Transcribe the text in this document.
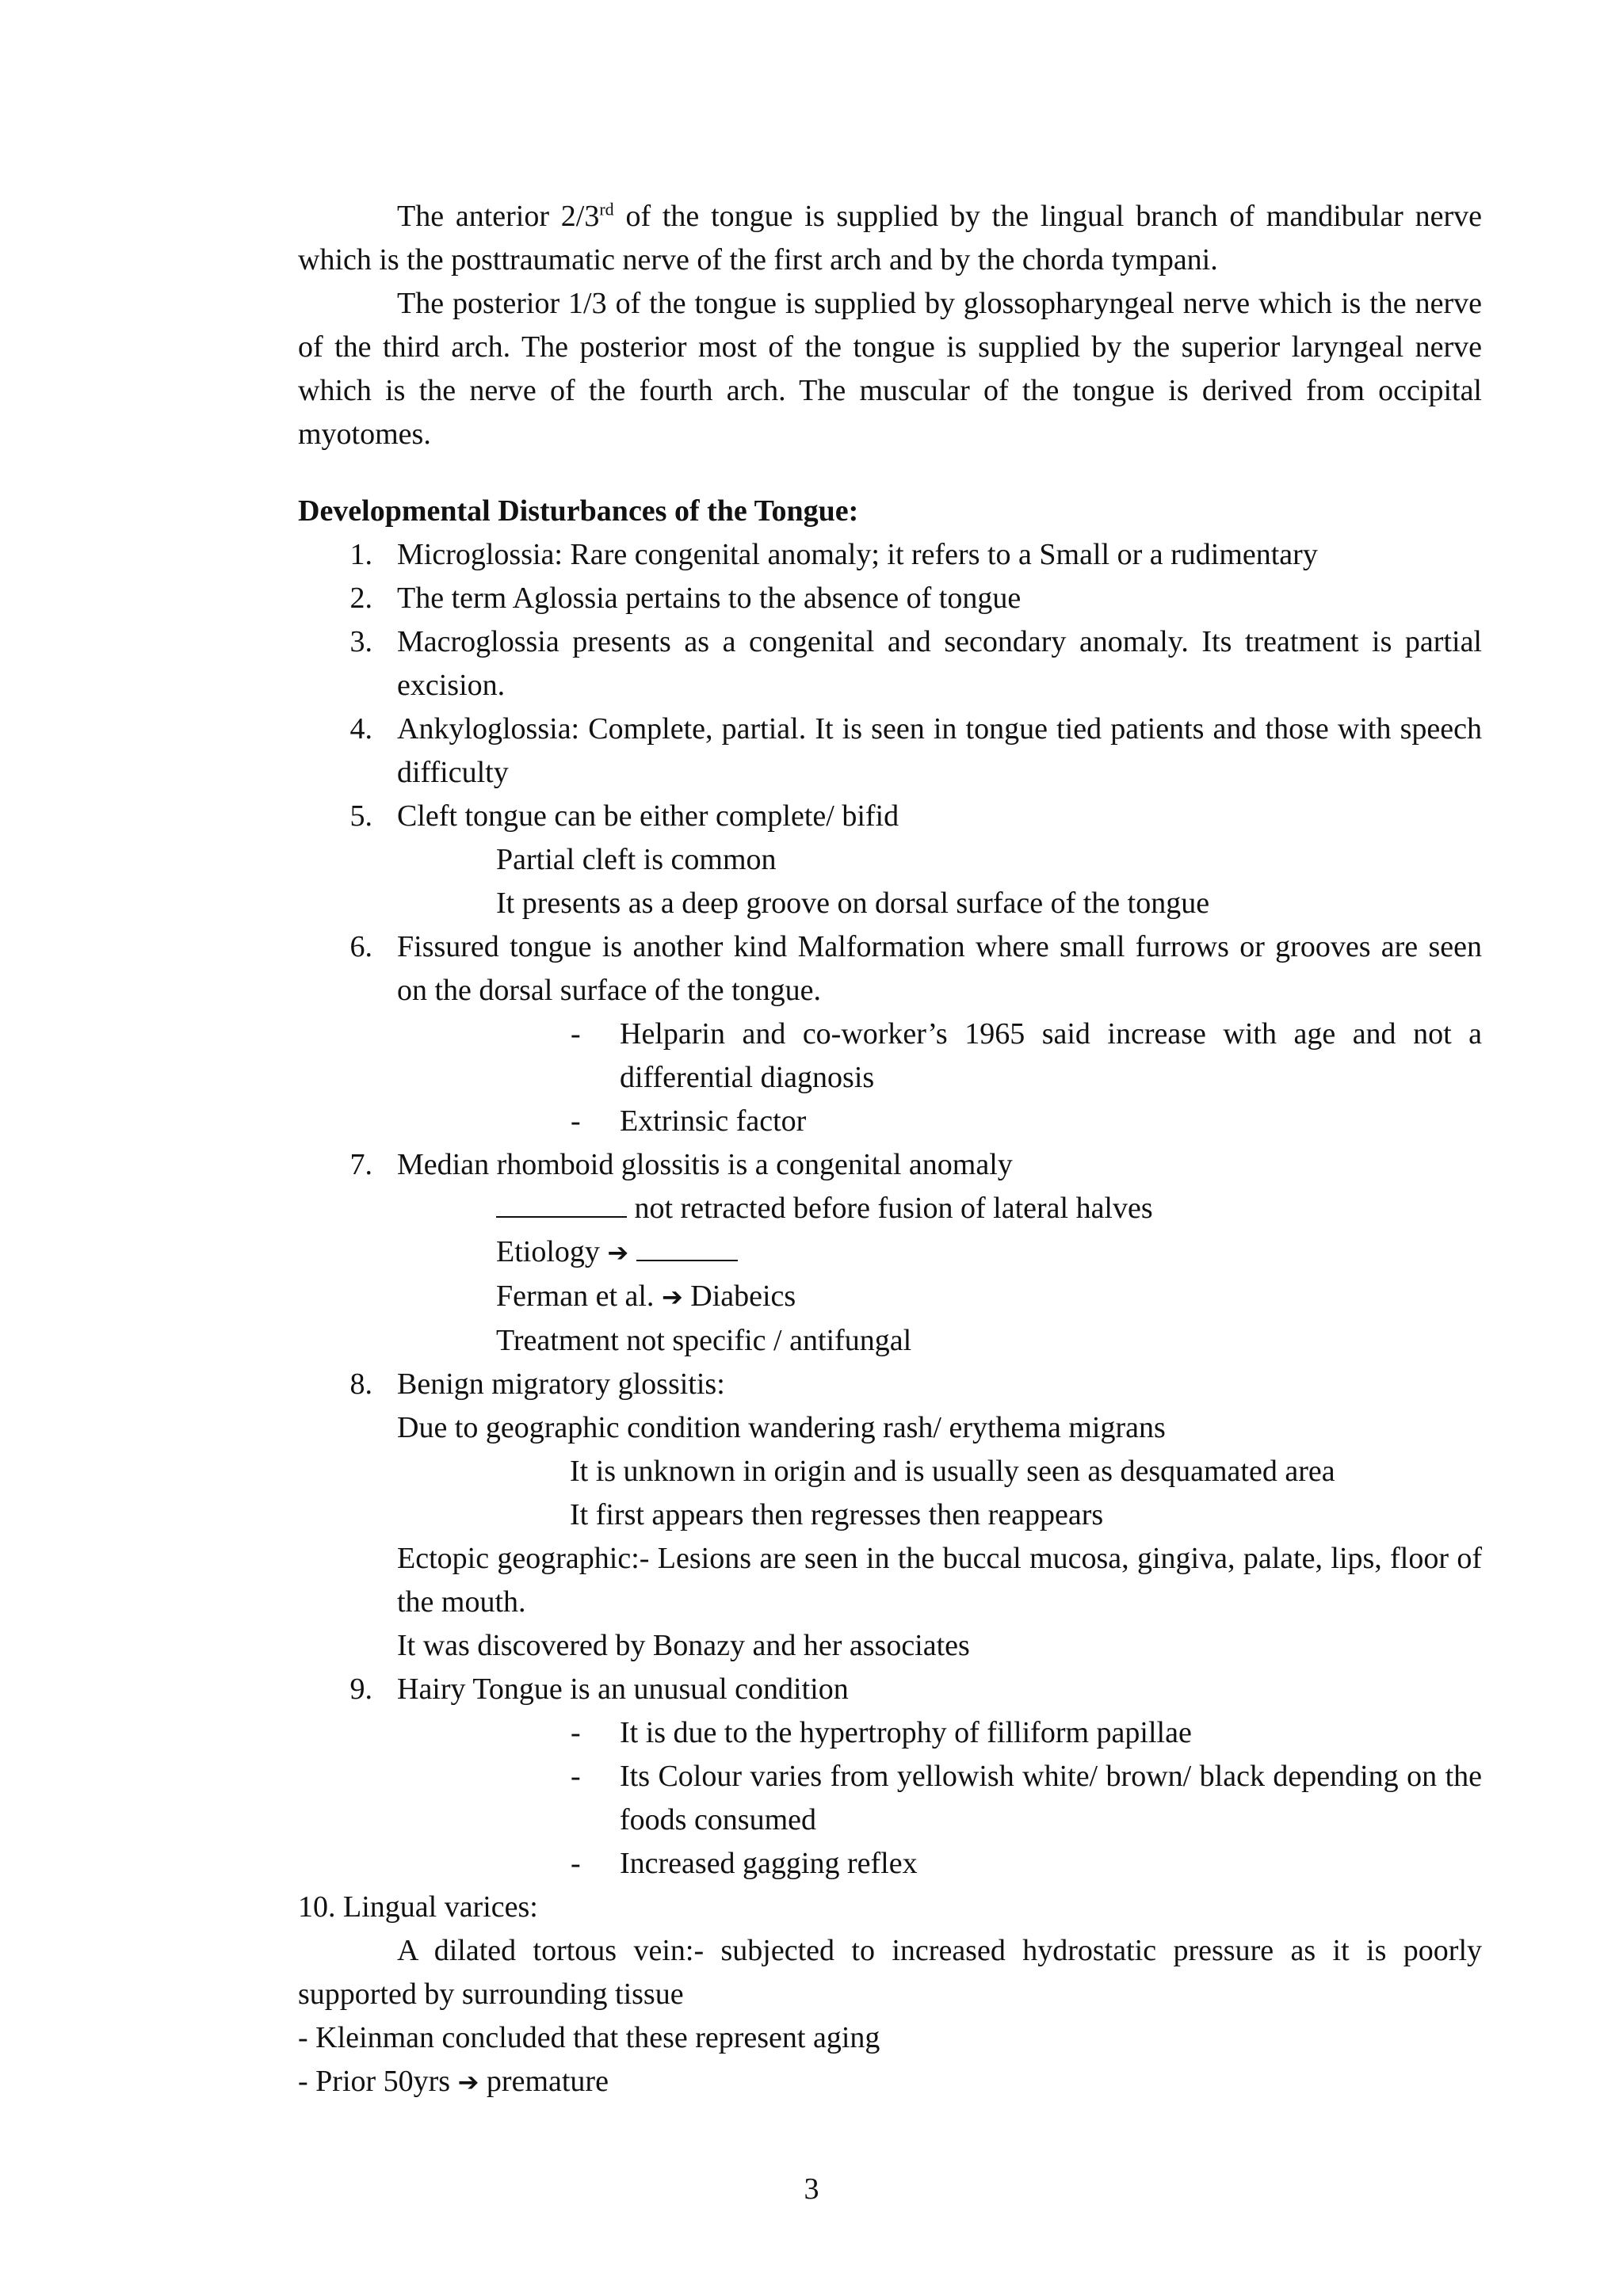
The anterior 2/3rd of the tongue is supplied by the lingual branch of mandibular nerve which is the posttraumatic nerve of the first arch and by the chorda tympani.

The posterior 1/3 of the tongue is supplied by glossopharyngeal nerve which is the nerve of the third arch. The posterior most of the tongue is supplied by the superior laryngeal nerve which is the nerve of the fourth arch. The muscular of the tongue is derived from occipital myotomes.

Developmental Disturbances of the Tongue:

1. Microglossia: Rare congenital anomaly; it refers to a Small or a rudimentary

2. The term Aglossia pertains to the absence of tongue

3. Macroglossia presents as a congenital and secondary anomaly. Its treatment is partial excision.

4. Ankyloglossia: Complete, partial. It is seen in tongue tied patients and those with speech difficulty

5. Cleft tongue can be either complete/ bifid

Partial cleft is common

It presents as a deep groove on dorsal surface of the tongue

6. Fissured tongue is another kind Malformation where small furrows or grooves are seen on the dorsal surface of the tongue.

- Helparin and co-worker’s 1965 said increase with age and not a differential diagnosis

- Extrinsic factor

7. Median rhomboid glossitis is a congenital anomaly

not retracted before fusion of lateral halves

Etiology ➔

Ferman et al. ➔ Diabeics

Treatment not specific / antifungal

8. Benign migratory glossitis:

Due to geographic condition wandering rash/ erythema migrans

It is unknown in origin and is usually seen as desquamated area

It first appears then regresses then reappears

Ectopic geographic:- Lesions are seen in the buccal mucosa, gingiva, palate, lips, floor of the mouth.

It was discovered by Bonazy and her associates

9. Hairy Tongue is an unusual condition

- It is due to the hypertrophy of filliform papillae

- Its Colour varies from yellowish white/ brown/ black depending on the foods consumed

- Increased gagging reflex

10. Lingual varices:

A dilated tortous vein:- subjected to increased hydrostatic pressure as it is poorly supported by surrounding tissue

- Kleinman concluded that these represent aging

- Prior 50yrs ➔ premature

3
